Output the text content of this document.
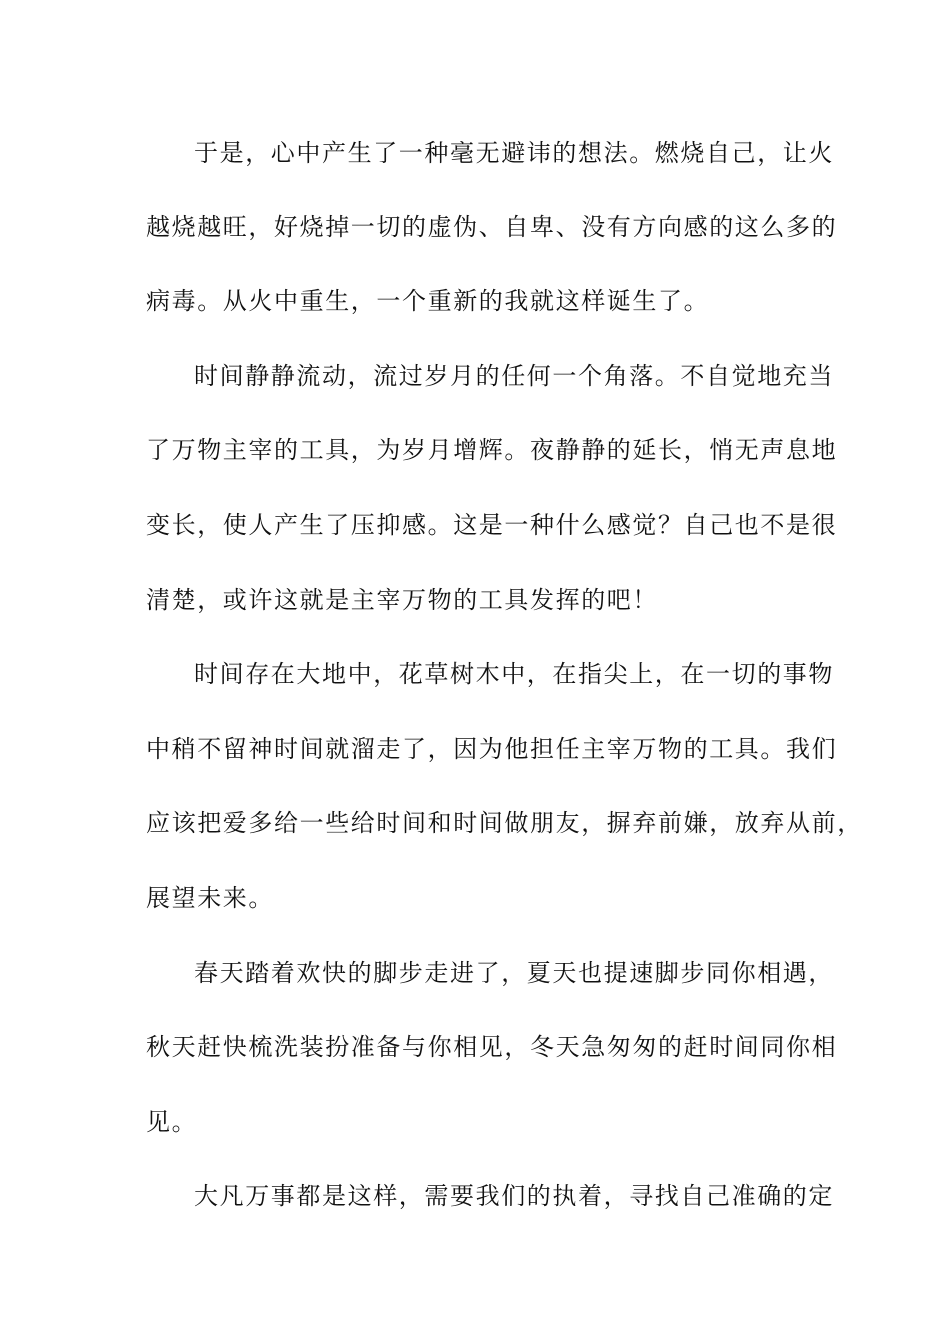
于是，心中产生了一种毫无避讳的想法。燃烧自己，让火
越烧越旺，好烧掉一切的虚伪、自卑、没有方向感的这么多的
病毒。从火中重生，一个重新的我就这样诞生了。
时间静静流动，流过岁月的任何一个角落。不自觉地充当
了万物主宰的工具，为岁月增辉。夜静静的延长，悄无声息地
变长，使人产生了压抑感。这是一种什么感觉？自己也不是很
清楚，或许这就是主宰万物的工具发挥的吧！
时间存在大地中，花草树木中，在指尖上，在一切的事物
中稍不留神时间就溜走了，因为他担任主宰万物的工具。我们
应该把爱多给一些给时间和时间做朋友，摒弃前嫌，放弃从前，
展望未来。
春天踏着欢快的脚步走进了，夏天也提速脚步同你相遇，
秋天赶快梳洗装扮准备与你相见，冬天急匆匆的赶时间同你相
见。
大凡万事都是这样，需要我们的执着，寻找自己准确的定
